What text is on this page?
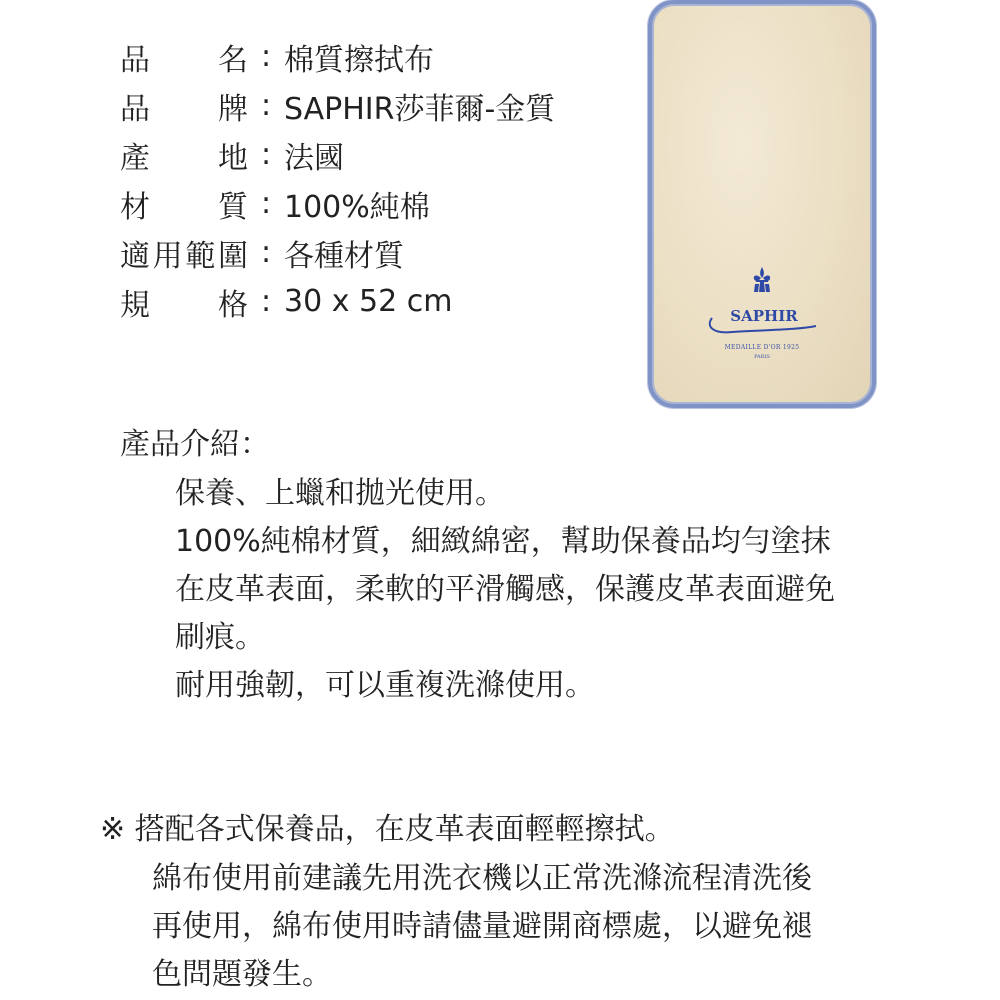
品名 : 棉質擦拭布
品牌 : SAPHIR莎菲爾-金質
產地 : 法國
材質 : 100%純棉
適用範圍 : 各種材質
規格 : 30 x 52 cm	SAPHIR
MEDAILLE D'OR 1925
PARIS
產品介紹：
保養、上蠟和拋光使用。
100%純棉材質，細緻綿密，幫助保養品均勻塗抹
在皮革表面，柔軟的平滑觸感，保護皮革表面避免
刷痕。
耐用強韌，可以重複洗滌使用。
※ 搭配各式保養品，在皮革表面輕輕擦拭。
綿布使用前建議先用洗衣機以正常洗滌流程清洗後
再使用，綿布使用時請儘量避開商標處，以避免褪
色問題發生。
